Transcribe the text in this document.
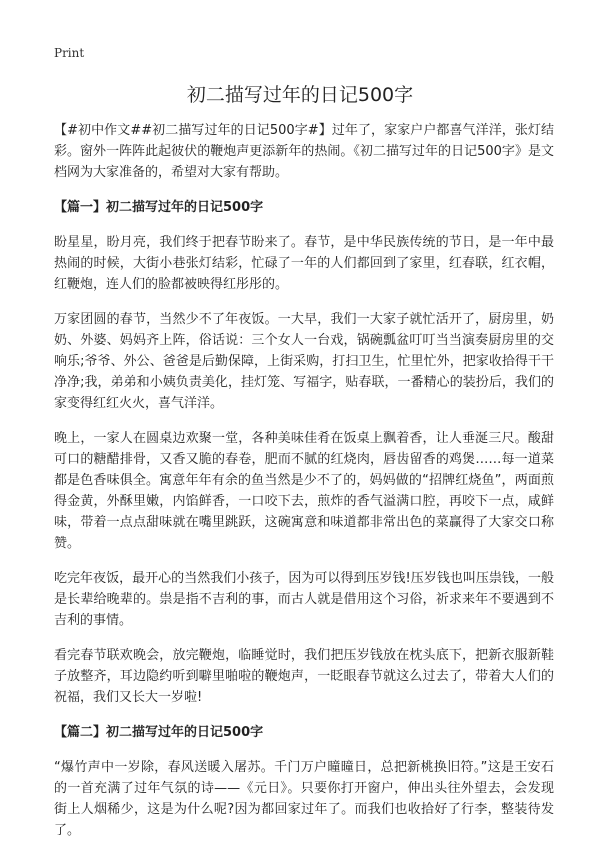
Print
初二描写过年的日记500字

【#初中作文##初二描写过年的日记500字#】过年了，家家户户都喜气洋洋，张灯结彩。窗外一阵阵此起彼伏的鞭炮声更添新年的热闹。《初二描写过年的日记500字》是文档网为大家准备的，希望对大家有帮助。

【篇一】初二描写过年的日记500字

盼星星，盼月亮，我们终于把春节盼来了。春节，是中华民族传统的节日，是一年中最热闹的时候，大街小巷张灯结彩，忙碌了一年的人们都回到了家里，红春联，红衣帽，红鞭炮，连人们的脸都被映得红彤彤的。

万家团圆的春节，当然少不了年夜饭。一大早，我们一大家子就忙活开了，厨房里，奶奶、外婆、妈妈齐上阵，俗话说：三个女人一台戏，锅碗瓢盆叮叮当当演奏厨房里的交响乐;爷爷、外公、爸爸是后勤保障，上街采购，打扫卫生，忙里忙外，把家收拾得干干净净;我，弟弟和小姨负责美化，挂灯笼、写福字，贴春联，一番精心的装扮后，我们的家变得红红火火，喜气洋洋。

晚上，一家人在圆桌边欢聚一堂，各种美味佳肴在饭桌上飘着香，让人垂涎三尺。酸甜可口的糖醋排骨，又香又脆的春卷，肥而不腻的红烧肉，唇齿留香的鸡煲……每一道菜都是色香味俱全。寓意年年有余的鱼当然是少不了的，妈妈做的“招牌红烧鱼”，两面煎得金黄，外酥里嫩，内馅鲜香，一口咬下去，煎炸的香气溢满口腔，再咬下一点，咸鲜味，带着一点点甜味就在嘴里跳跃，这碗寓意和味道都非常出色的菜赢得了大家交口称赞。

吃完年夜饭，最开心的当然我们小孩子，因为可以得到压岁钱!压岁钱也叫压祟钱，一般是长辈给晚辈的。祟是指不吉利的事，而古人就是借用这个习俗，祈求来年不要遇到不吉利的事情。

看完春节联欢晚会，放完鞭炮，临睡觉时，我们把压岁钱放在枕头底下，把新衣服新鞋子放整齐，耳边隐约听到噼里啪啦的鞭炮声，一眨眼春节就这么过去了，带着大人们的祝福，我们又长大一岁啦!

【篇二】初二描写过年的日记500字

“爆竹声中一岁除，春风送暖入屠苏。千门万户曈曈日，总把新桃换旧符。”这是王安石的一首充满了过年气氛的诗——《元日》。只要你打开窗户，伸出头往外望去，会发现街上人烟稀少，这是为什么呢?因为都回家过年了。而我们也收拾好了行李，整装待发了。
